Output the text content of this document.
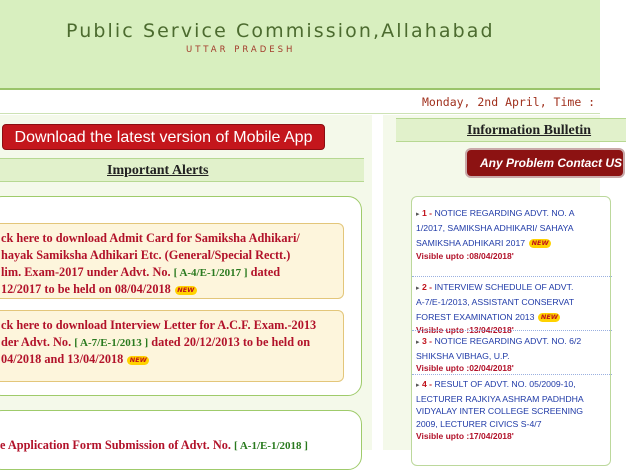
Public Service Commission,Allahabad
UTTAR PRADESH
Monday, 2nd April, Time :
Download the latest version of Mobile App
Important Alerts
ck here to download Admit Card for Samiksha Adhikari/
hayak Samiksha Adhikari Etc. (General/Special Rectt.)
lim. Exam-2017 under Advt. No. [ A-4/E-1/2017 ] dated
12/2017 to be held on 08/04/2018 NEW
ck here to download Interview Letter for A.C.F. Exam.-2013
der Advt. No. [ A-7/E-1/2013 ] dated 20/12/2013 to be held on
04/2018 and 13/04/2018 NEW
e Application Form Submission of Advt. No. [ A-1/E-1/2018 ]
Information Bulletin
Any Problem Contact US
▸ 1 - NOTICE REGARDING ADVT. NO. A
1/2017, SAMIKSHA ADHIKARI/ SAHAYA
SAMIKSHA ADHIKARI 2017 NEW
Visible upto :08/04/2018'
▸ 2 - INTERVIEW SCHEDULE OF ADVT.
A-7/E-1/2013, ASSISTANT CONSERVAT
FOREST EXAMINATION 2013 NEW
Visible upto :13/04/2018'
▸ 3 - NOTICE REGARDING ADVT. NO. 6/2
SHIKSHA VIBHAG, U.P.
Visible upto :02/04/2018'
▸ 4 - RESULT OF ADVT. NO. 05/2009-10,
LECTURER RAJKIYA ASHRAM PADHDHA
VIDYALAY INTER COLLEGE SCREENING
2009, LECTURER CIVICS S-4/7
Visible upto :17/04/2018'
